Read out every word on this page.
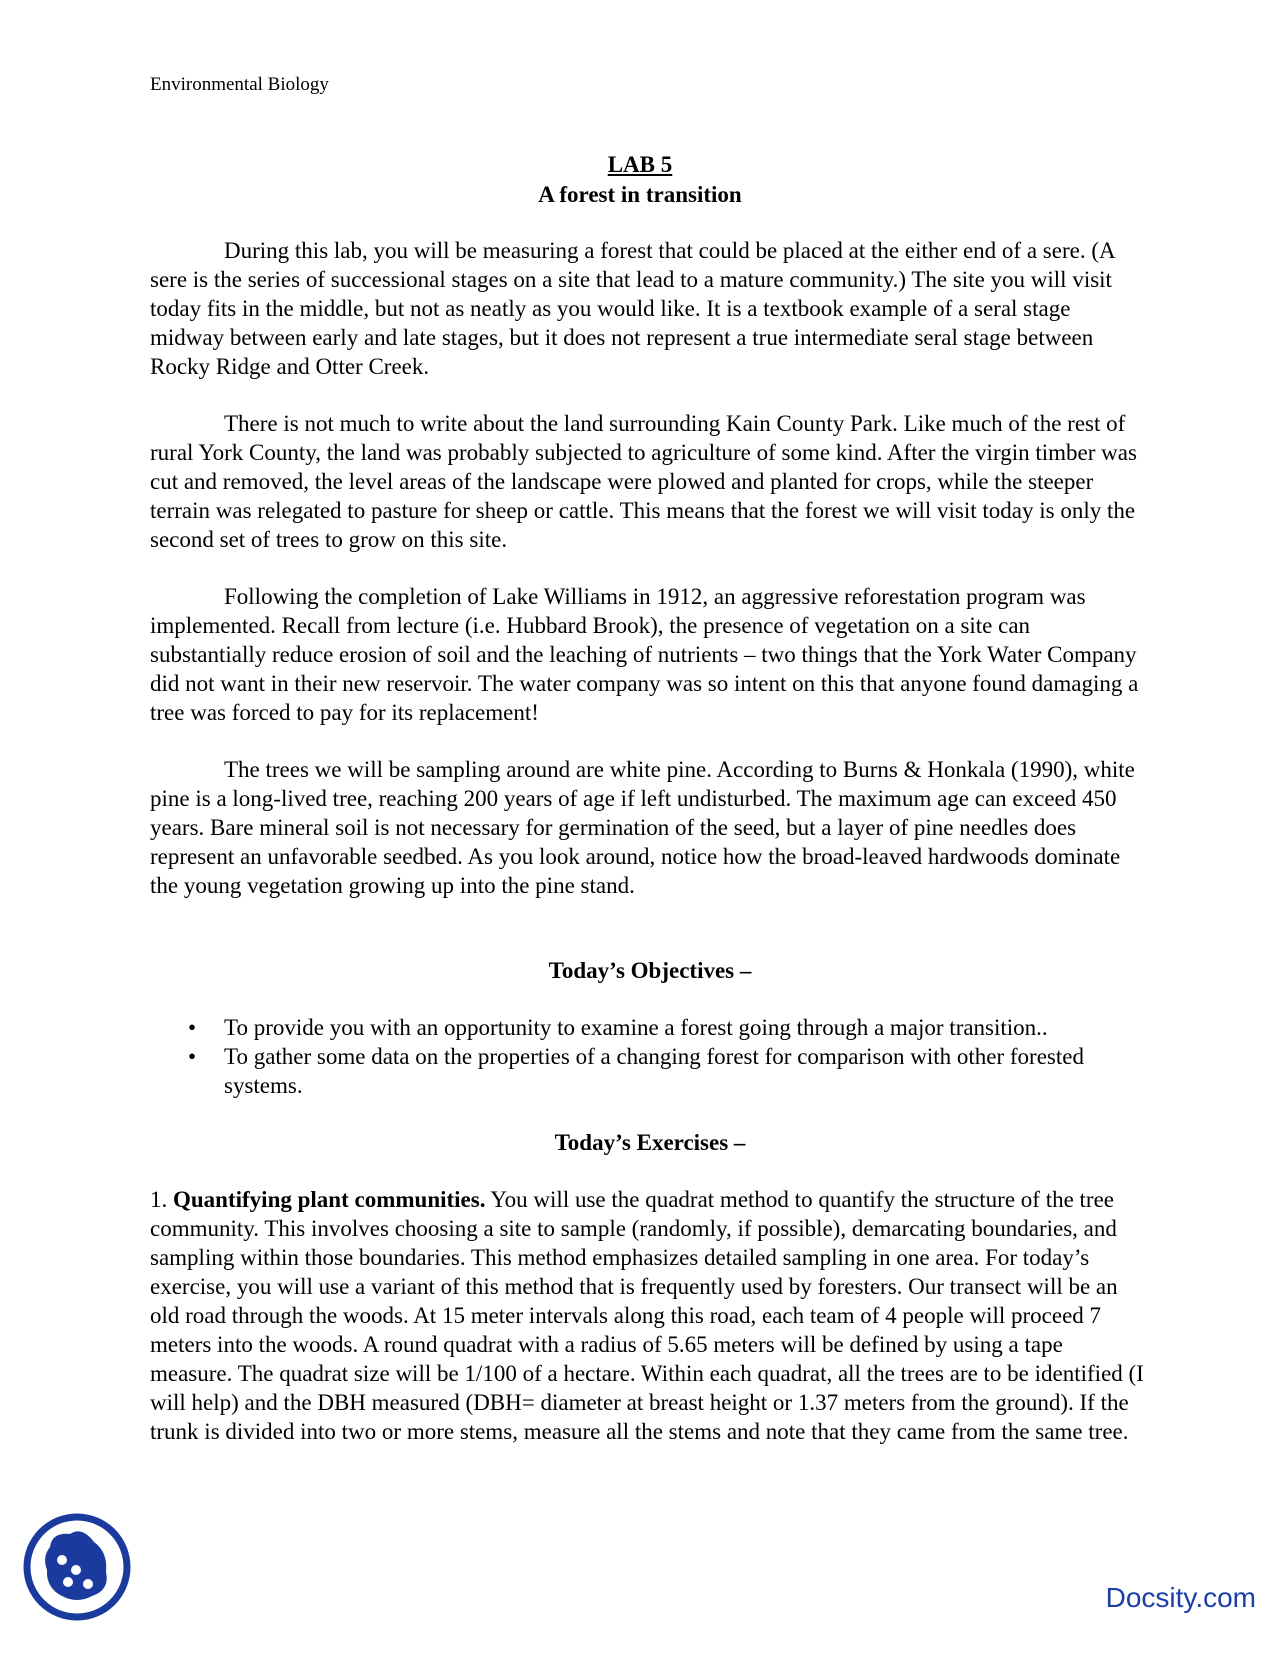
Environmental Biology
LAB 5
A forest in transition

During this lab, you will be measuring a forest that could be placed at the either end of a sere. (A sere is the series of successional stages on a site that lead to a mature community.) The site you will visit today fits in the middle, but not as neatly as you would like. It is a textbook example of a seral stage midway between early and late stages, but it does not represent a true intermediate seral stage between Rocky Ridge and Otter Creek.

There is not much to write about the land surrounding Kain County Park. Like much of the rest of rural York County, the land was probably subjected to agriculture of some kind. After the virgin timber was cut and removed, the level areas of the landscape were plowed and planted for crops, while the steeper terrain was relegated to pasture for sheep or cattle. This means that the forest we will visit today is only the second set of trees to grow on this site.

Following the completion of Lake Williams in 1912, an aggressive reforestation program was implemented. Recall from lecture (i.e. Hubbard Brook), the presence of vegetation on a site can substantially reduce erosion of soil and the leaching of nutrients – two things that the York Water Company did not want in their new reservoir. The water company was so intent on this that anyone found damaging a tree was forced to pay for its replacement!

The trees we will be sampling around are white pine. According to Burns & Honkala (1990), white pine is a long-lived tree, reaching 200 years of age if left undisturbed. The maximum age can exceed 450 years. Bare mineral soil is not necessary for germination of the seed, but a layer of pine needles does represent an unfavorable seedbed. As you look around, notice how the broad-leaved hardwoods dominate the young vegetation growing up into the pine stand.

Today’s Objectives –

• To provide you with an opportunity to examine a forest going through a major transition..
• To gather some data on the properties of a changing forest for comparison with other forested systems.

Today’s Exercises –

1. Quantifying plant communities. You will use the quadrat method to quantify the structure of the tree community. This involves choosing a site to sample (randomly, if possible), demarcating boundaries, and sampling within those boundaries. This method emphasizes detailed sampling in one area. For today’s exercise, you will use a variant of this method that is frequently used by foresters. Our transect will be an old road through the woods. At 15 meter intervals along this road, each team of 4 people will proceed 7 meters into the woods. A round quadrat with a radius of 5.65 meters will be defined by using a tape measure. The quadrat size will be 1/100 of a hectare. Within each quadrat, all the trees are to be identified (I will help) and the DBH measured (DBH= diameter at breast height or 1.37 meters from the ground). If the trunk is divided into two or more stems, measure all the stems and note that they came from the same tree.

Docsity.com
